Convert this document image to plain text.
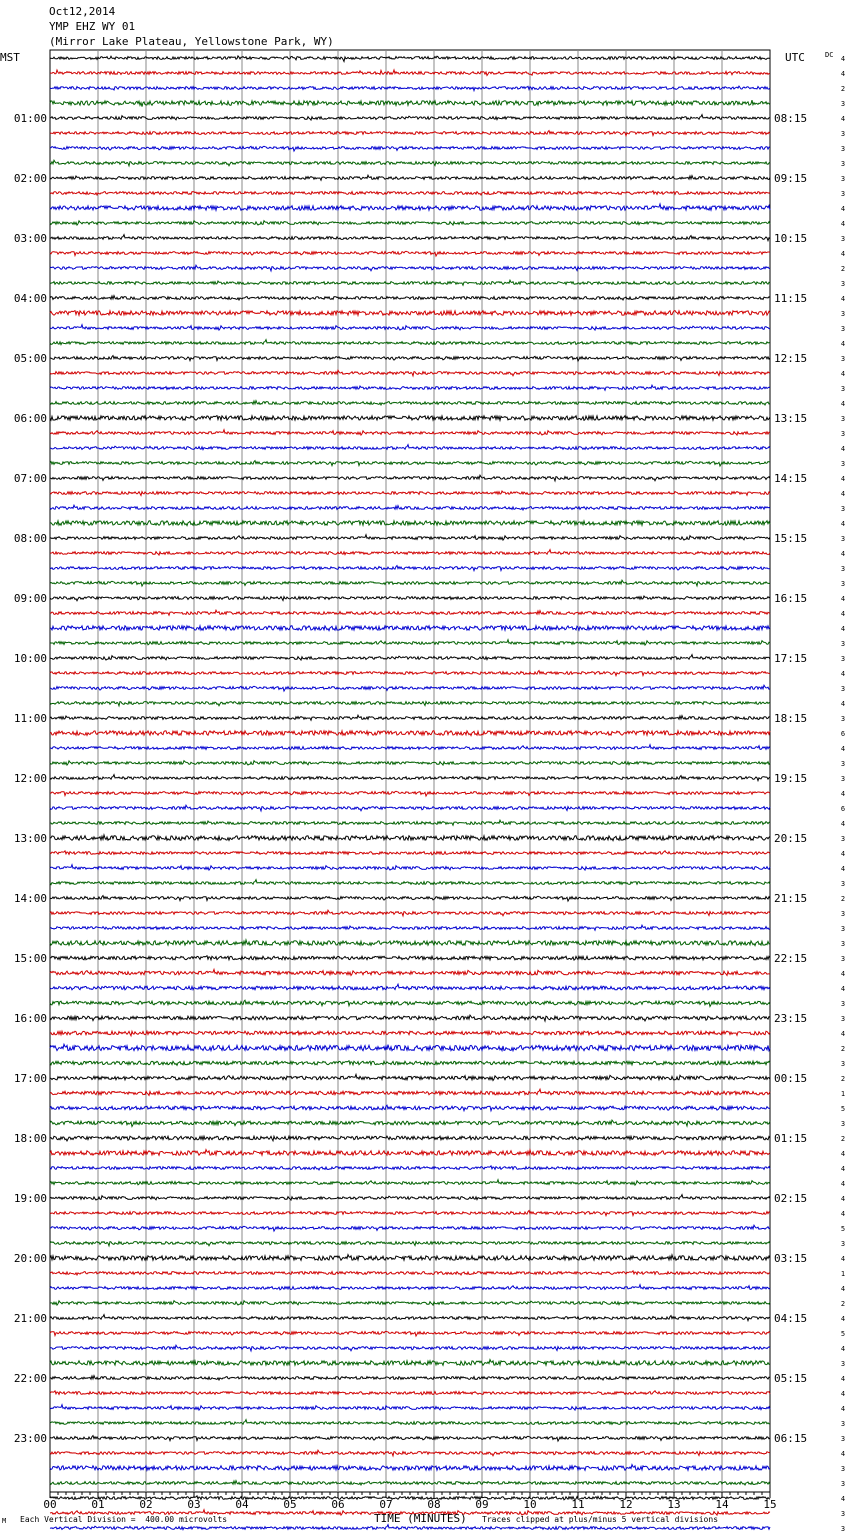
Oct12,2014
YMP EHZ WY 01
(Mirror Lake Plateau, Yellowstone Park, WY)
4
4
2
3
4
3
3
3
3
3
4
4
3
4
2
3
4
3
3
4
3
4
3
4
3
3
4
3
4
4
3
4
3
4
3
3
4
4
4
3
3
4
3
4
3
6
4
3
3
4
6
4
3
4
4
3
2
3
3
3
3
4
4
3
3
4
2
3
2
1
5
3
2
4
4
4
4
4
5
3
4
1
4
2
4
5
4
3
4
4
4
3
3
4
3
3
4
3
3
MST	UTC	DC
01:00
02:00
03:00
04:00
05:00
06:00
07:00
08:00
09:00
10:00
11:00
12:00
13:00
14:00
15:00
16:00
17:00
18:00
19:00
20:00
21:00
22:00
23:00
08:15
09:15
10:15
11:15
12:15
13:15
14:15
15:15
16:15
17:15
18:15
19:15
20:15
21:15
22:15
23:15
00:15
01:15
02:15
03:15
04:15
05:15
06:15
00	01	02	03	04	05	06	07	08	09	10	11	12	13	14	15
M Each Vertical Division =  400.00 microvolts	TIME (MINUTES) Traces clipped at plus/minus 5 vertical divisions
